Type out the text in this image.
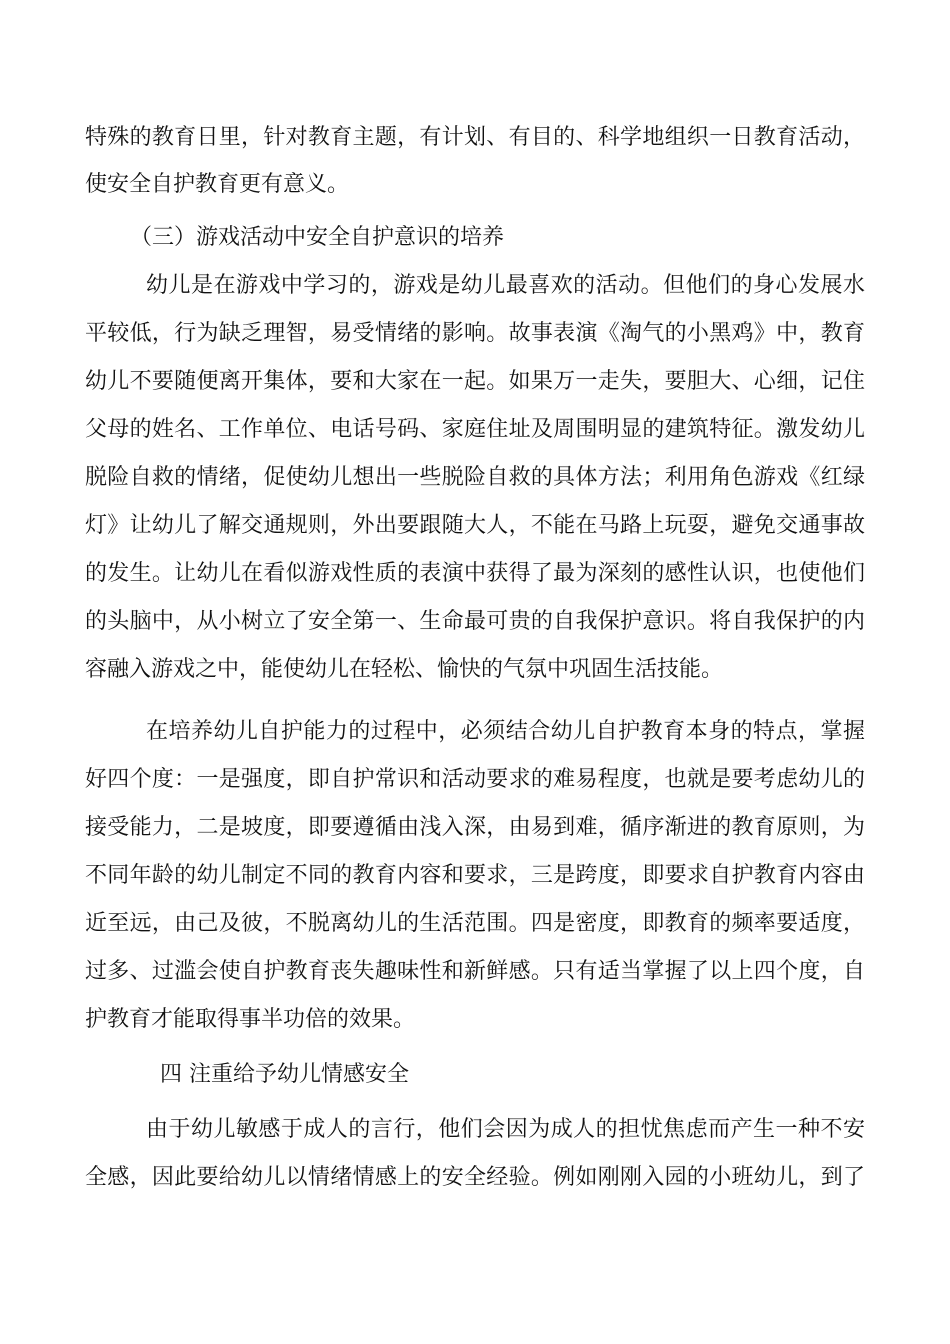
特殊的教育日里，针对教育主题，有计划、有目的、科学地组织一日教育活动，
使安全自护教育更有意义。
（三）游戏活动中安全自护意识的培养
幼儿是在游戏中学习的，游戏是幼儿最喜欢的活动。但他们的身心发展水
平较低，行为缺乏理智，易受情绪的影响。故事表演《淘气的小黑鸡》中，教育
幼儿不要随便离开集体，要和大家在一起。如果万一走失，要胆大、心细，记住
父母的姓名、工作单位、电话号码、家庭住址及周围明显的建筑特征。激发幼儿
脱险自救的情绪，促使幼儿想出一些脱险自救的具体方法；利用角色游戏《红绿
灯》让幼儿了解交通规则，外出要跟随大人，不能在马路上玩耍，避免交通事故
的发生。让幼儿在看似游戏性质的表演中获得了最为深刻的感性认识，也使他们
的头脑中，从小树立了安全第一、生命最可贵的自我保护意识。将自我保护的内
容融入游戏之中，能使幼儿在轻松、愉快的气氛中巩固生活技能。
在培养幼儿自护能力的过程中，必须结合幼儿自护教育本身的特点，掌握
好四个度：一是强度，即自护常识和活动要求的难易程度，也就是要考虑幼儿的
接受能力，二是坡度，即要遵循由浅入深，由易到难，循序渐进的教育原则，为
不同年龄的幼儿制定不同的教育内容和要求，三是跨度，即要求自护教育内容由
近至远，由己及彼，不脱离幼儿的生活范围。四是密度，即教育的频率要适度，
过多、过滥会使自护教育丧失趣味性和新鲜感。只有适当掌握了以上四个度，自
护教育才能取得事半功倍的效果。
四 注重给予幼儿情感安全
由于幼儿敏感于成人的言行，他们会因为成人的担忧焦虑而产生一种不安
全感，因此要给幼儿以情绪情感上的安全经验。例如刚刚入园的小班幼儿，到了
